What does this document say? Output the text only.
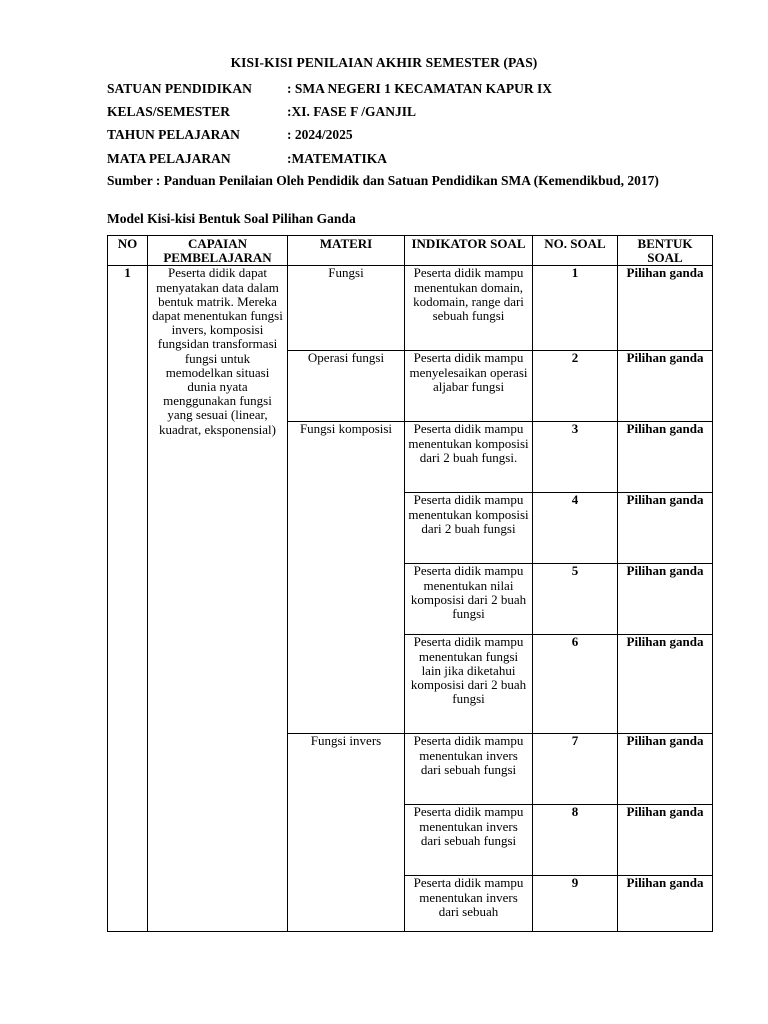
KISI-KISI PENILAIAN AKHIR SEMESTER (PAS)
SATUAN PENDIDIKAN	: SMA NEGERI 1 KECAMATAN KAPUR IX
KELAS/SEMESTER	:XI. FASE F /GANJIL
TAHUN PELAJARAN	: 2024/2025
MATA PELAJARAN	:MATEMATIKA
Sumber : Panduan Penilaian Oleh Pendidik dan Satuan Pendidikan SMA (Kemendikbud, 2017)
Model Kisi-kisi Bentuk Soal Pilihan Ganda
NO	CAPAIAN PEMBELAJARAN	MATERI	INDIKATOR SOAL	NO. SOAL	BENTUK SOAL
1	Peserta didik dapat menyatakan data dalam bentuk matrik. Mereka dapat menentukan fungsi invers, komposisi fungsidan transformasi fungsi untuk memodelkan situasi dunia nyata menggunakan fungsi yang sesuai (linear, kuadrat, eksponensial)	Fungsi	Peserta didik mampu menentukan domain, kodomain, range dari sebuah fungsi	1	Pilihan ganda
		Operasi fungsi	Peserta didik mampu menyelesaikan operasi aljabar fungsi	2	Pilihan ganda
		Fungsi komposisi	Peserta didik mampu menentukan komposisi dari 2 buah fungsi.	3	Pilihan ganda
			Peserta didik mampu menentukan komposisi dari 2 buah fungsi	4	Pilihan ganda
			Peserta didik mampu menentukan nilai komposisi dari 2 buah fungsi	5	Pilihan ganda
			Peserta didik mampu menentukan fungsi lain jika diketahui komposisi dari 2 buah fungsi	6	Pilihan ganda
		Fungsi invers	Peserta didik mampu menentukan invers dari sebuah fungsi	7	Pilihan ganda
			Peserta didik mampu menentukan invers dari sebuah fungsi	8	Pilihan ganda
			Peserta didik mampu menentukan invers dari sebuah	9	Pilihan ganda
